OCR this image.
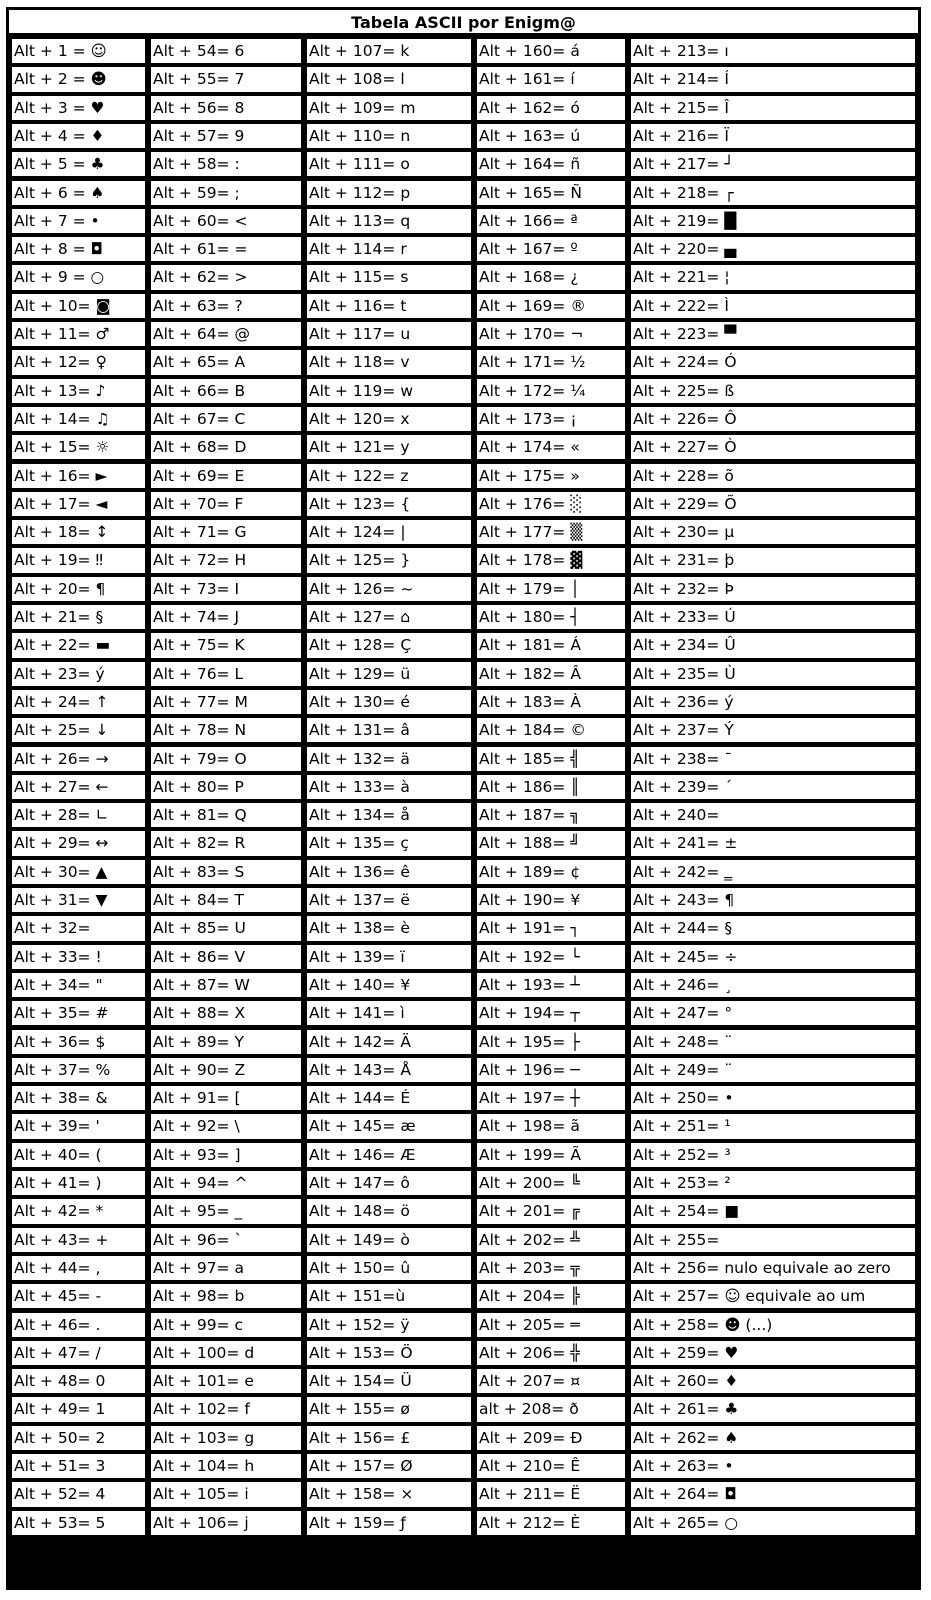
Tabela ASCII por Enigm@
Alt + 1 = ☺
Alt + 2 = ☻
Alt + 3 = ♥
Alt + 4 = ♦
Alt + 5 = ♣
Alt + 6 = ♠
Alt + 7 = •
Alt + 8 = ◘
Alt + 9 = ○
Alt + 10= ◙
Alt + 11= ♂
Alt + 12= ♀
Alt + 13= ♪
Alt + 14= ♫
Alt + 15= ☼
Alt + 16= ►
Alt + 17= ◄
Alt + 18= ↕
Alt + 19= ‼
Alt + 20= ¶
Alt + 21= §
Alt + 22= ▬
Alt + 23= ý
Alt + 24= ↑
Alt + 25= ↓
Alt + 26= →
Alt + 27= ←
Alt + 28= ∟
Alt + 29= ↔
Alt + 30= ▲
Alt + 31= ▼
Alt + 32=
Alt + 33= !
Alt + 34= "
Alt + 35= #
Alt + 36= $
Alt + 37= %
Alt + 38= &
Alt + 39= '
Alt + 40= (
Alt + 41= )
Alt + 42= *
Alt + 43= +
Alt + 44= ,
Alt + 45= -
Alt + 46= .
Alt + 47= /
Alt + 48= 0
Alt + 49= 1
Alt + 50= 2
Alt + 51= 3
Alt + 52= 4
Alt + 53= 5
Alt + 54= 6
Alt + 55= 7
Alt + 56= 8
Alt + 57= 9
Alt + 58= :
Alt + 59= ;
Alt + 60= <
Alt + 61= =
Alt + 62= >
Alt + 63= ?
Alt + 64= @
Alt + 65= A
Alt + 66= B
Alt + 67= C
Alt + 68= D
Alt + 69= E
Alt + 70= F
Alt + 71= G
Alt + 72= H
Alt + 73= I
Alt + 74= J
Alt + 75= K
Alt + 76= L
Alt + 77= M
Alt + 78= N
Alt + 79= O
Alt + 80= P
Alt + 81= Q
Alt + 82= R
Alt + 83= S
Alt + 84= T
Alt + 85= U
Alt + 86= V
Alt + 87= W
Alt + 88= X
Alt + 89= Y
Alt + 90= Z
Alt + 91= [
Alt + 92= \
Alt + 93= ]
Alt + 94= ^
Alt + 95= _
Alt + 96= `
Alt + 97= a
Alt + 98= b
Alt + 99= c
Alt + 100= d
Alt + 101= e
Alt + 102= f
Alt + 103= g
Alt + 104= h
Alt + 105= i
Alt + 106= j
Alt + 107= k
Alt + 108= l
Alt + 109= m
Alt + 110= n
Alt + 111= o
Alt + 112= p
Alt + 113= q
Alt + 114= r
Alt + 115= s
Alt + 116= t
Alt + 117= u
Alt + 118= v
Alt + 119= w
Alt + 120= x
Alt + 121= y
Alt + 122= z
Alt + 123= {
Alt + 124= |
Alt + 125= }
Alt + 126= ~
Alt + 127= ⌂
Alt + 128= Ç
Alt + 129= ü
Alt + 130= é
Alt + 131= â
Alt + 132= ä
Alt + 133= à
Alt + 134= å
Alt + 135= ç
Alt + 136= ê
Alt + 137= ë
Alt + 138= è
Alt + 139= ï
Alt + 140= ¥
Alt + 141= ì
Alt + 142= Ä
Alt + 143= Å
Alt + 144= É
Alt + 145= æ
Alt + 146= Æ
Alt + 147= ô
Alt + 148= ö
Alt + 149= ò
Alt + 150= û
Alt + 151=ù
Alt + 152= ÿ
Alt + 153= Ö
Alt + 154= Ü
Alt + 155= ø
Alt + 156= £
Alt + 157= Ø
Alt + 158= ×
Alt + 159= ƒ
Alt + 160= á
Alt + 161= í
Alt + 162= ó
Alt + 163= ú
Alt + 164= ñ
Alt + 165= Ñ
Alt + 166= ª
Alt + 167= º
Alt + 168= ¿
Alt + 169= ®
Alt + 170= ¬
Alt + 171= ½
Alt + 172= ¼
Alt + 173= ¡
Alt + 174= «
Alt + 175= »
Alt + 176= ░
Alt + 177= ▒
Alt + 178= ▓
Alt + 179= │
Alt + 180= ┤
Alt + 181= Á
Alt + 182= Â
Alt + 183= À
Alt + 184= ©
Alt + 185= ╣
Alt + 186= ║
Alt + 187= ╗
Alt + 188= ╝
Alt + 189= ¢
Alt + 190= ¥
Alt + 191= ┐
Alt + 192= └
Alt + 193= ┴
Alt + 194= ┬
Alt + 195= ├
Alt + 196= ─
Alt + 197= ┼
Alt + 198= ã
Alt + 199= Ã
Alt + 200= ╚
Alt + 201= ╔
Alt + 202= ╩
Alt + 203= ╦
Alt + 204= ╠
Alt + 205= ═
Alt + 206= ╬
Alt + 207= ¤
alt + 208= ð
Alt + 209= Đ
Alt + 210= Ê
Alt + 211= Ë
Alt + 212= È
Alt + 213= ı
Alt + 214= Í
Alt + 215= Î
Alt + 216= Ï
Alt + 217= ┘
Alt + 218= ┌
Alt + 219= █
Alt + 220= ▄
Alt + 221= ¦
Alt + 222= Ì
Alt + 223= ▀
Alt + 224= Ó
Alt + 225= ß
Alt + 226= Ô
Alt + 227= Ò
Alt + 228= õ
Alt + 229= Õ
Alt + 230= µ
Alt + 231= þ
Alt + 232= Þ
Alt + 233= Ú
Alt + 234= Û
Alt + 235= Ù
Alt + 236= ý
Alt + 237= Ý
Alt + 238= ¯
Alt + 239= ´
Alt + 240=
Alt + 241= ±
Alt + 242= ‗
Alt + 243= ¶
Alt + 244= §
Alt + 245= ÷
Alt + 246= ¸
Alt + 247= °
Alt + 248= ¨
Alt + 249= ¨
Alt + 250= •
Alt + 251= ¹
Alt + 252= ³
Alt + 253= ²
Alt + 254= ■
Alt + 255=
Alt + 256= nulo equivale ao zero
Alt + 257= ☺ equivale ao um
Alt + 258= ☻ (...)
Alt + 259= ♥
Alt + 260= ♦
Alt + 261= ♣
Alt + 262= ♠
Alt + 263= •
Alt + 264= ◘
Alt + 265= ○
